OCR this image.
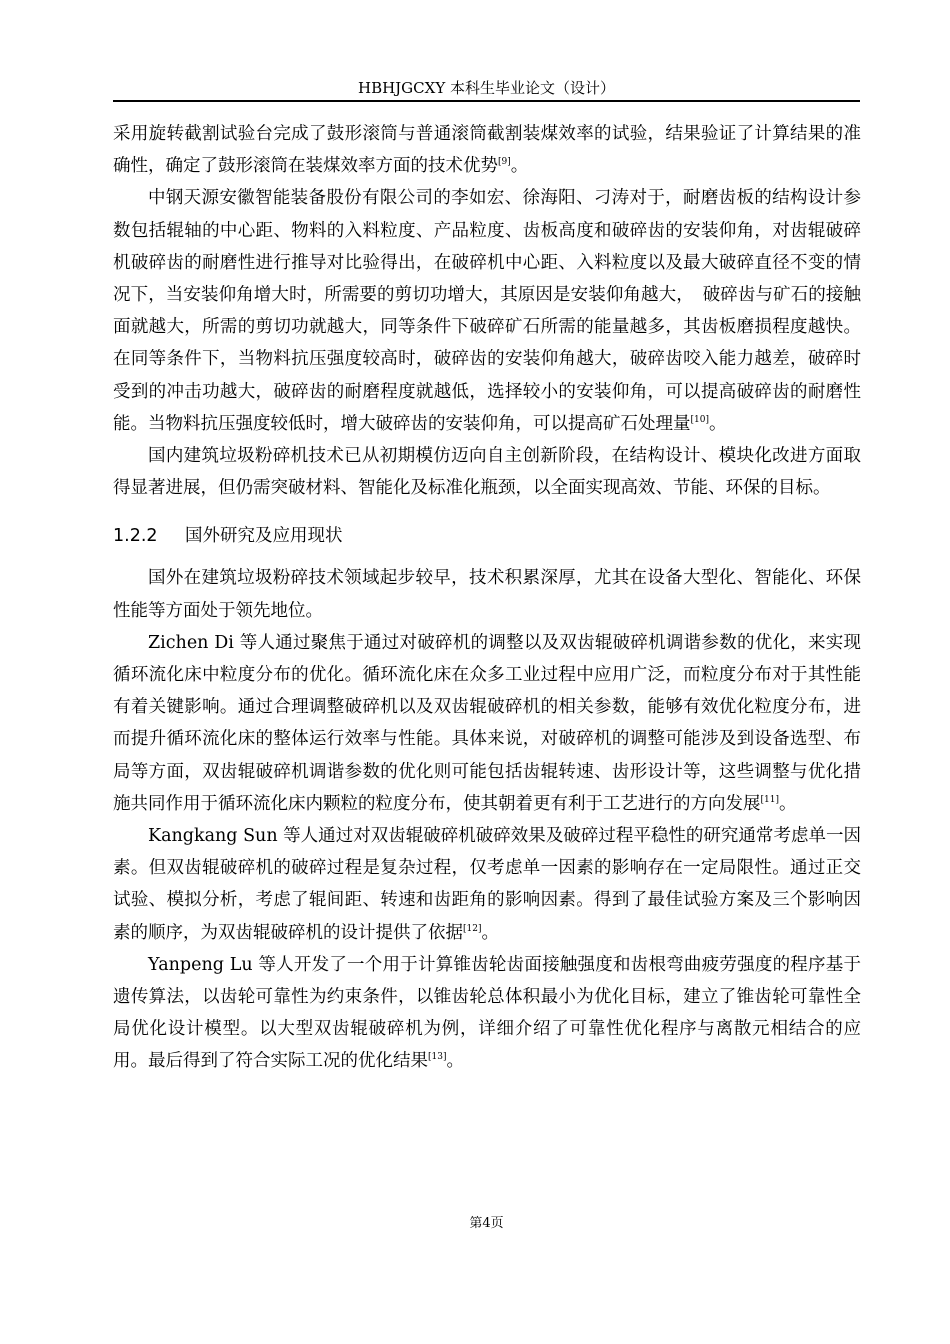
HBHJGCXY 本科生毕业论文（设计）

采用旋转截割试验台完成了鼓形滚筒与普通滚筒截割装煤效率的试验，结果验证了计算结果的准确性，确定了鼓形滚筒在装煤效率方面的技术优势[9]。

中钢天源安徽智能装备股份有限公司的李如宏、徐海阳、刁涛对于，耐磨齿板的结构设计参数包括辊轴的中心距、物料的入料粒度、产品粒度、齿板高度和破碎齿的安装仰角，对齿辊破碎机破碎齿的耐磨性进行推导对比验得出，在破碎机中心距、入料粒度以及最大破碎直径不变的情况下，当安装仰角增大时，所需要的剪切功增大，其原因是安装仰角越大，　破碎齿与矿石的接触面就越大，所需的剪切功就越大，同等条件下破碎矿石所需的能量越多，其齿板磨损程度越快。在同等条件下，当物料抗压强度较高时，破碎齿的安装仰角越大，破碎齿咬入能力越差，破碎时受到的冲击功越大，破碎齿的耐磨程度就越低，选择较小的安装仰角，可以提高破碎齿的耐磨性能。当物料抗压强度较低时，增大破碎齿的安装仰角，可以提高矿石处理量[10]。

国内建筑垃圾粉碎机技术已从初期模仿迈向自主创新阶段，在结构设计、模块化改进方面取得显著进展，但仍需突破材料、智能化及标准化瓶颈，以全面实现高效、节能、环保的目标。

1.2.2 国外研究及应用现状

国外在建筑垃圾粉碎技术领域起步较早，技术积累深厚，尤其在设备大型化、智能化、环保性能等方面处于领先地位。

Zichen Di 等人通过聚焦于通过对破碎机的调整以及双齿辊破碎机调谐参数的优化，来实现循环流化床中粒度分布的优化。循环流化床在众多工业过程中应用广泛，而粒度分布对于其性能有着关键影响。通过合理调整破碎机以及双齿辊破碎机的相关参数，能够有效优化粒度分布，进而提升循环流化床的整体运行效率与性能。具体来说，对破碎机的调整可能涉及到设备选型、布局等方面，双齿辊破碎机调谐参数的优化则可能包括齿辊转速、齿形设计等，这些调整与优化措施共同作用于循环流化床内颗粒的粒度分布，使其朝着更有利于工艺进行的方向发展[11]。

Kangkang Sun 等人通过对双齿辊破碎机破碎效果及破碎过程平稳性的研究通常考虑单一因素。但双齿辊破碎机的破碎过程是复杂过程，仅考虑单一因素的影响存在一定局限性。通过正交试验、模拟分析，考虑了辊间距、转速和齿距角的影响因素。得到了最佳试验方案及三个影响因素的顺序，为双齿辊破碎机的设计提供了依据[12]。

Yanpeng Lu 等人开发了一个用于计算锥齿轮齿面接触强度和齿根弯曲疲劳强度的程序基于遗传算法，以齿轮可靠性为约束条件，以锥齿轮总体积最小为优化目标，建立了锥齿轮可靠性全局优化设计模型。以大型双齿辊破碎机为例，详细介绍了可靠性优化程序与离散元相结合的应用。最后得到了符合实际工况的优化结果[13]。

第4页
